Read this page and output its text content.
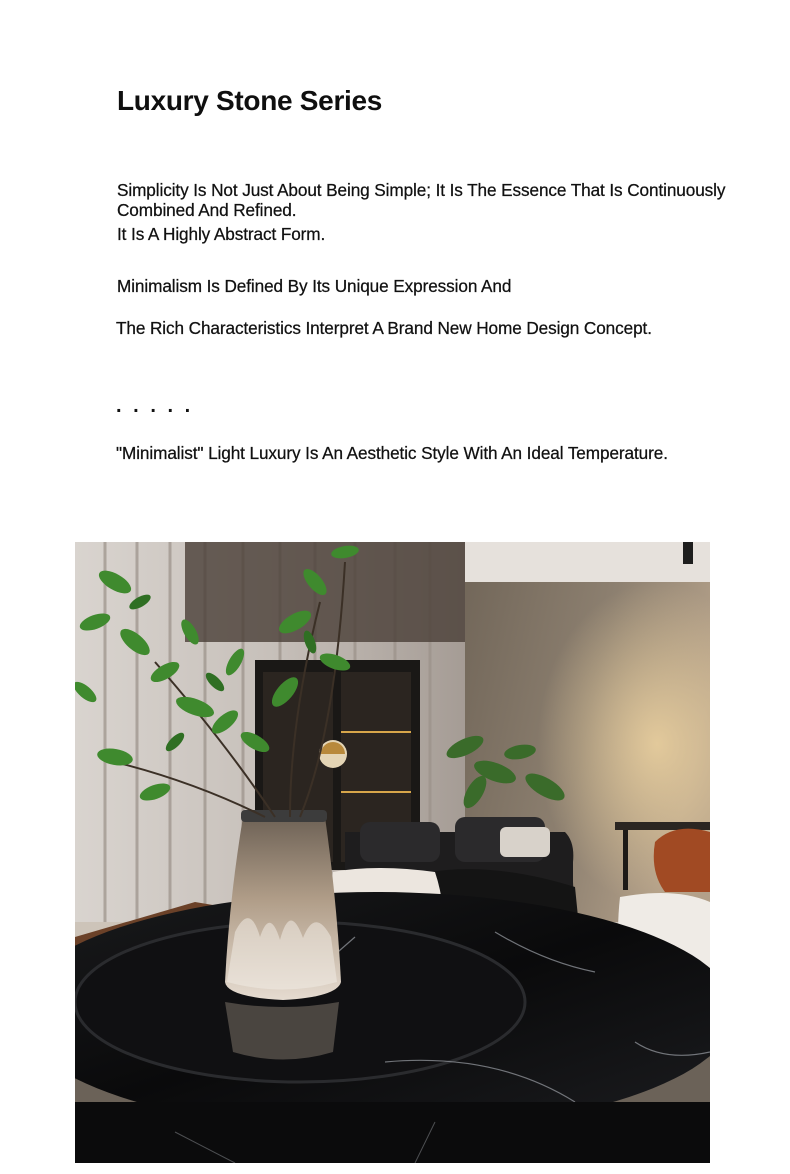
Luxury Stone Series

Simplicity Is Not Just About Being Simple; It Is The Essence That Is Continuously Combined And Refined.

It Is A Highly Abstract Form.

Minimalism Is Defined By Its Unique Expression And

The Rich Characteristics Interpret A Brand New Home Design Concept.

.....

"Minimalist" Light Luxury Is An Aesthetic Style With An Ideal Temperature.
